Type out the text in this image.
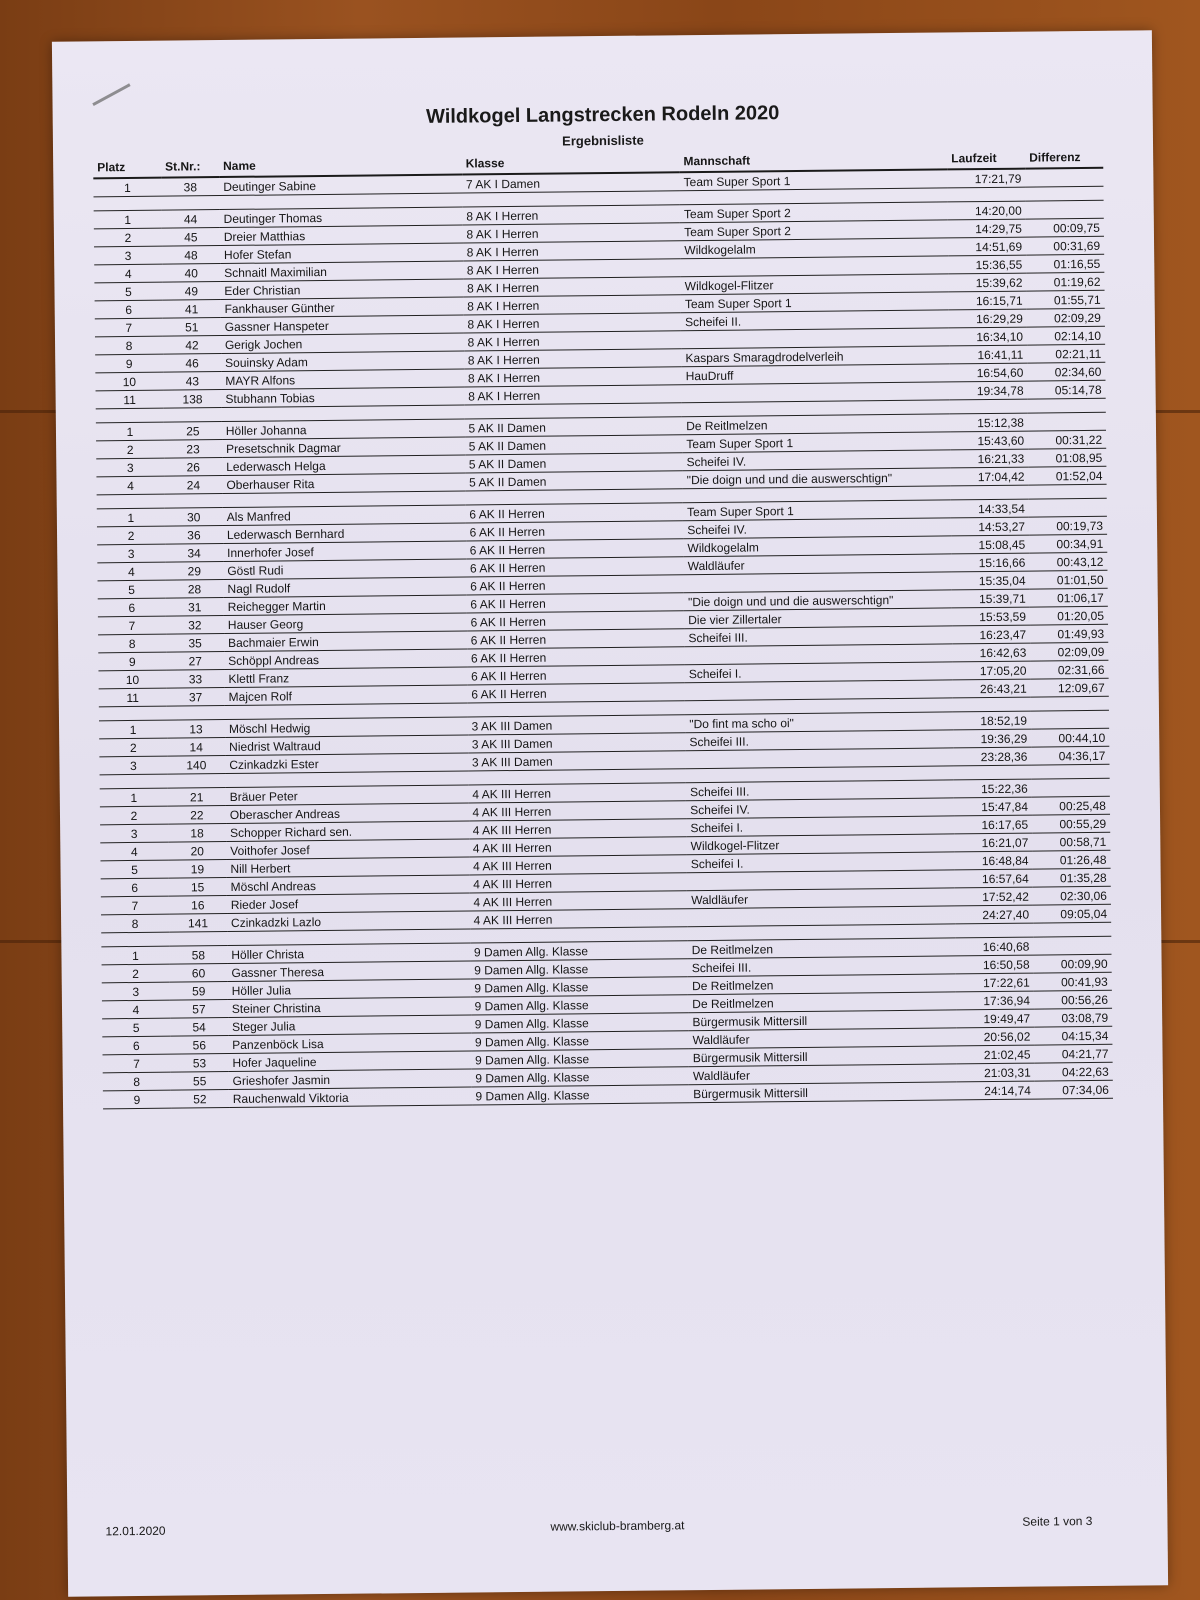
Wildkogel Langstrecken Rodeln 2020
Ergebnisliste
Platz	St.Nr.:	Name	Klasse	Mannschaft	Laufzeit	Differenz
1	38	Deutinger Sabine	7 AK I Damen	Team Super Sport 1	17:21,79	

1	44	Deutinger Thomas	8 AK I Herren	Team Super Sport 2	14:20,00	
2	45	Dreier Matthias	8 AK I Herren	Team Super Sport 2	14:29,75	00:09,75
3	48	Hofer Stefan	8 AK I Herren	Wildkogelalm	14:51,69	00:31,69
4	40	Schnaitl Maximilian	8 AK I Herren		15:36,55	01:16,55
5	49	Eder Christian	8 AK I Herren	Wildkogel-Flitzer	15:39,62	01:19,62
6	41	Fankhauser Günther	8 AK I Herren	Team Super Sport 1	16:15,71	01:55,71
7	51	Gassner Hanspeter	8 AK I Herren	Scheifei II.	16:29,29	02:09,29
8	42	Gerigk Jochen	8 AK I Herren		16:34,10	02:14,10
9	46	Souinsky Adam	8 AK I Herren	Kaspars Smaragdrodelverleih	16:41,11	02:21,11
10	43	MAYR Alfons	8 AK I Herren	HauDruff	16:54,60	02:34,60
11	138	Stubhann Tobias	8 AK I Herren		19:34,78	05:14,78

1	25	Höller Johanna	5 AK II Damen	De Reitlmelzen	15:12,38	
2	23	Presetschnik Dagmar	5 AK II Damen	Team Super Sport 1	15:43,60	00:31,22
3	26	Lederwasch Helga	5 AK II Damen	Scheifei IV.	16:21,33	01:08,95
4	24	Oberhauser Rita	5 AK II Damen	"Die doign und und die auswerschtign"	17:04,42	01:52,04

1	30	Als Manfred	6 AK II Herren	Team Super Sport 1	14:33,54	
2	36	Lederwasch Bernhard	6 AK II Herren	Scheifei IV.	14:53,27	00:19,73
3	34	Innerhofer Josef	6 AK II Herren	Wildkogelalm	15:08,45	00:34,91
4	29	Göstl Rudi	6 AK II Herren	Waldläufer	15:16,66	00:43,12
5	28	Nagl Rudolf	6 AK II Herren		15:35,04	01:01,50
6	31	Reichegger Martin	6 AK II Herren	"Die doign und und die auswerschtign"	15:39,71	01:06,17
7	32	Hauser Georg	6 AK II Herren	Die vier Zillertaler	15:53,59	01:20,05
8	35	Bachmaier Erwin	6 AK II Herren	Scheifei III.	16:23,47	01:49,93
9	27	Schöppl Andreas	6 AK II Herren		16:42,63	02:09,09
10	33	Klettl Franz	6 AK II Herren	Scheifei I.	17:05,20	02:31,66
11	37	Majcen Rolf	6 AK II Herren		26:43,21	12:09,67

1	13	Möschl Hedwig	3 AK III Damen	"Do fint ma scho oi"	18:52,19	
2	14	Niedrist Waltraud	3 AK III Damen	Scheifei III.	19:36,29	00:44,10
3	140	Czinkadzki Ester	3 AK III Damen		23:28,36	04:36,17

1	21	Bräuer Peter	4 AK III Herren	Scheifei III.	15:22,36	
2	22	Oberascher Andreas	4 AK III Herren	Scheifei IV.	15:47,84	00:25,48
3	18	Schopper Richard sen.	4 AK III Herren	Scheifei I.	16:17,65	00:55,29
4	20	Voithofer Josef	4 AK III Herren	Wildkogel-Flitzer	16:21,07	00:58,71
5	19	Nill Herbert	4 AK III Herren	Scheifei I.	16:48,84	01:26,48
6	15	Möschl Andreas	4 AK III Herren		16:57,64	01:35,28
7	16	Rieder Josef	4 AK III Herren	Waldläufer	17:52,42	02:30,06
8	141	Czinkadzki Lazlo	4 AK III Herren		24:27,40	09:05,04

1	58	Höller Christa	9 Damen Allg. Klasse	De Reitlmelzen	16:40,68	
2	60	Gassner Theresa	9 Damen Allg. Klasse	Scheifei III.	16:50,58	00:09,90
3	59	Höller Julia	9 Damen Allg. Klasse	De Reitlmelzen	17:22,61	00:41,93
4	57	Steiner Christina	9 Damen Allg. Klasse	De Reitlmelzen	17:36,94	00:56,26
5	54	Steger Julia	9 Damen Allg. Klasse	Bürgermusik Mittersill	19:49,47	03:08,79
6	56	Panzenböck Lisa	9 Damen Allg. Klasse	Waldläufer	20:56,02	04:15,34
7	53	Hofer Jaqueline	9 Damen Allg. Klasse	Bürgermusik Mittersill	21:02,45	04:21,77
8	55	Grieshofer Jasmin	9 Damen Allg. Klasse	Waldläufer	21:03,31	04:22,63
9	52	Rauchenwald Viktoria	9 Damen Allg. Klasse	Bürgermusik Mittersill	24:14,74	07:34,06
12.01.2020	www.skiclub-bramberg.at	Seite 1 von 3
